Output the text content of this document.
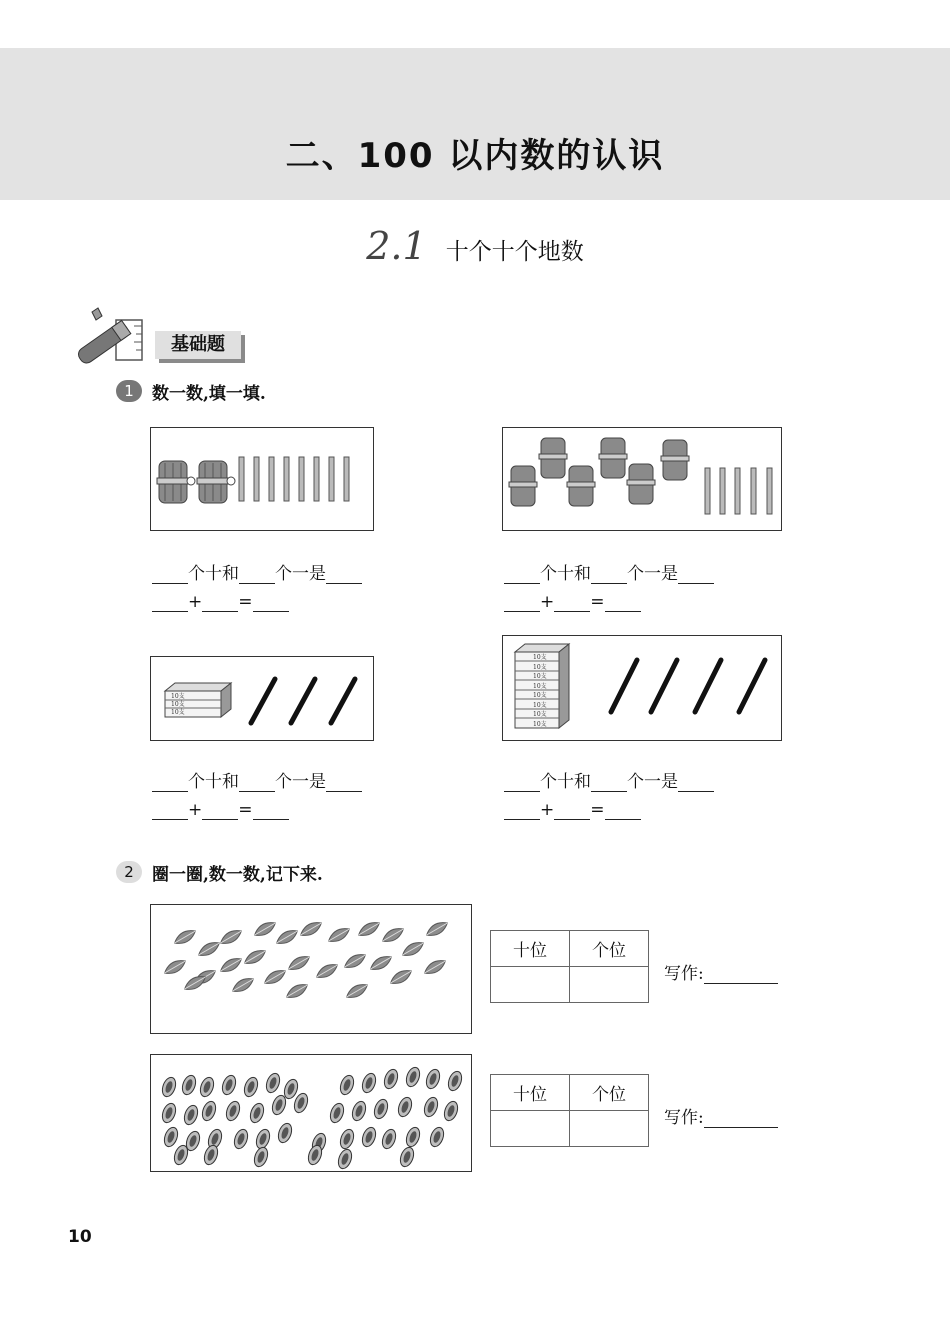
二、100 以内数的认识
2.1 十个十个地数
基础题
1	数一数,填一填.
个十和 个一是
+ =
个十和 个一是
+ =
10支
10支
10支
10支
10支
10支
10支
10支
10支
10支
10支
个十和 个一是
+ =
个十和 个一是
+ =
2	圈一圈,数一数,记下来.
十位	个位

写作:
十位	个位

写作:
10
